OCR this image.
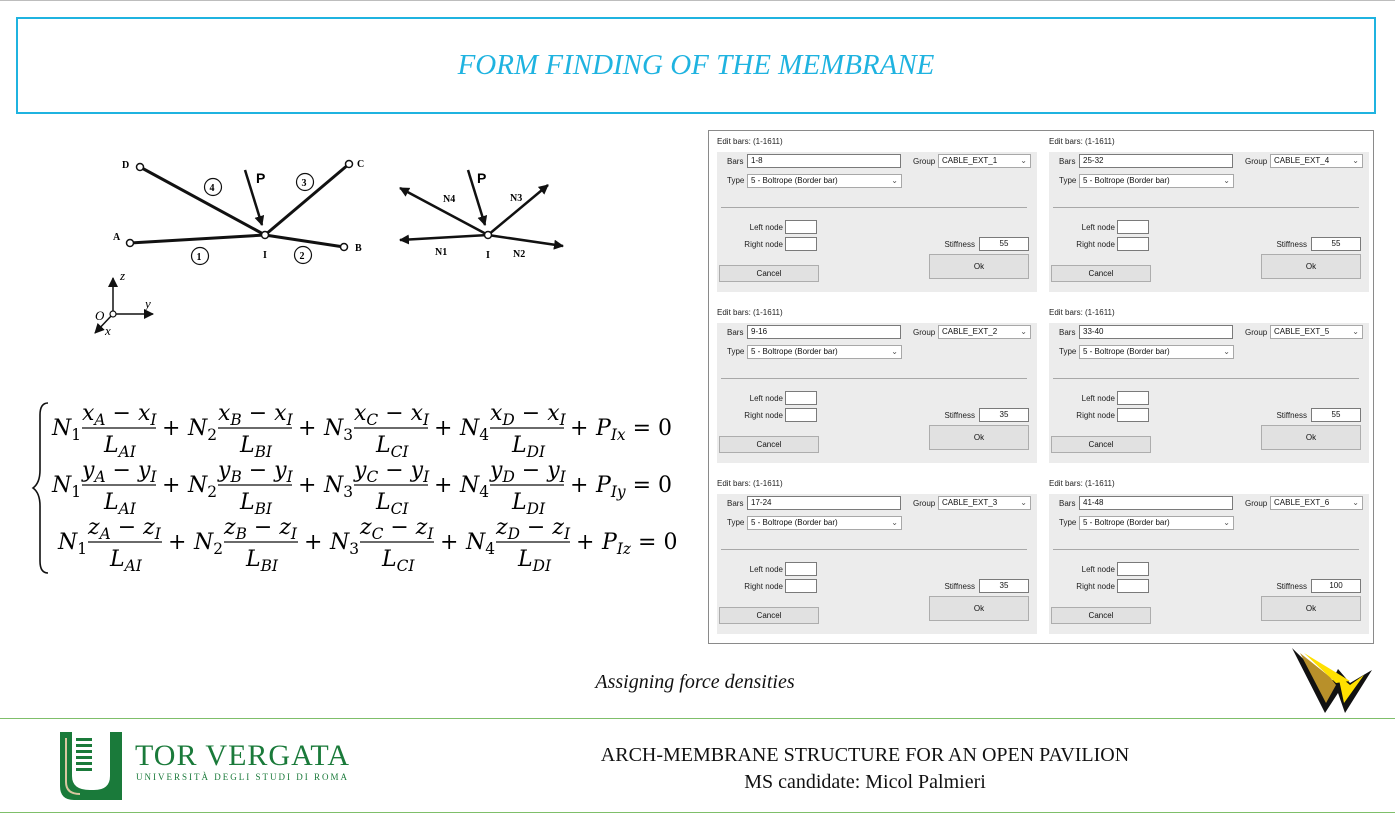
FORM FINDING OF THE MEMBRANE
D	C
A
B
I
4	3
1	2
P	P
N4	N3
N1	N2
I
O
z
y
x
$N_1$
$x_A - x_I$
$L_{AI}$
+ $N_2$
$x_B - x_I$
$L_{BI}$
+ $N_3$
$x_C - x_I$
$L_{CI}$
+ $N_4$
$x_D - x_I$
$L_{DI}$
+ $P_{Ix} = 0$
$N_1$
$y_A - y_I$
$L_{AI}$
+ $N_2$
$y_B - y_I$
$L_{BI}$
+ $N_3$
$y_C - y_I$
$L_{CI}$
+ $N_4$
$y_D - y_I$
$L_{DI}$
+ $P_{Iy} = 0$
$N_1$
$z_A - z_I$
$L_{AI}$
+ $N_2$
$z_B - z_I$
$L_{BI}$
+ $N_3$
$z_C - z_I$
$L_{CI}$
+ $N_4$
$z_D - z_I$
$L_{DI}$
+ $P_{Iz} = 0$
Edit bars: (1-1611)
Bars 1-8	Group CABLE_EXT_1	⌄
Type 5 - Boltrope (Border bar)	⌄
Left node
Right node	Stiffness	55
Cancel
Ok
Edit bars: (1-1611)
Bars 25-32	Group CABLE_EXT_4	⌄
Type 5 - Boltrope (Border bar)	⌄
Left node
Right node	Stiffness	55
Cancel
Ok
Edit bars: (1-1611)
Bars 9-16	Group CABLE_EXT_2	⌄
Type 5 - Boltrope (Border bar)	⌄
Left node
Right node	Stiffness	35
Cancel
Ok
Edit bars: (1-1611)
Bars 33-40	Group CABLE_EXT_5	⌄
Type 5 - Boltrope (Border bar)	⌄
Left node
Right node	Stiffness	55
Cancel
Ok
Edit bars: (1-1611)
Bars 17-24	Group CABLE_EXT_3	⌄
Type 5 - Boltrope (Border bar)	⌄
Left node
Right node	Stiffness	35
Cancel
Ok
Edit bars: (1-1611)
Bars 41-48	Group CABLE_EXT_6	⌄
Type 5 - Boltrope (Border bar)	⌄
Left node
Right node	Stiffness	100
Cancel
Ok
Assigning force densities
TOR VERGATA
UNIVERSITÀ DEGLI STUDI DI ROMA
ARCH-MEMBRANE STRUCTURE FOR AN OPEN PAVILION
MS candidate: Micol Palmieri
